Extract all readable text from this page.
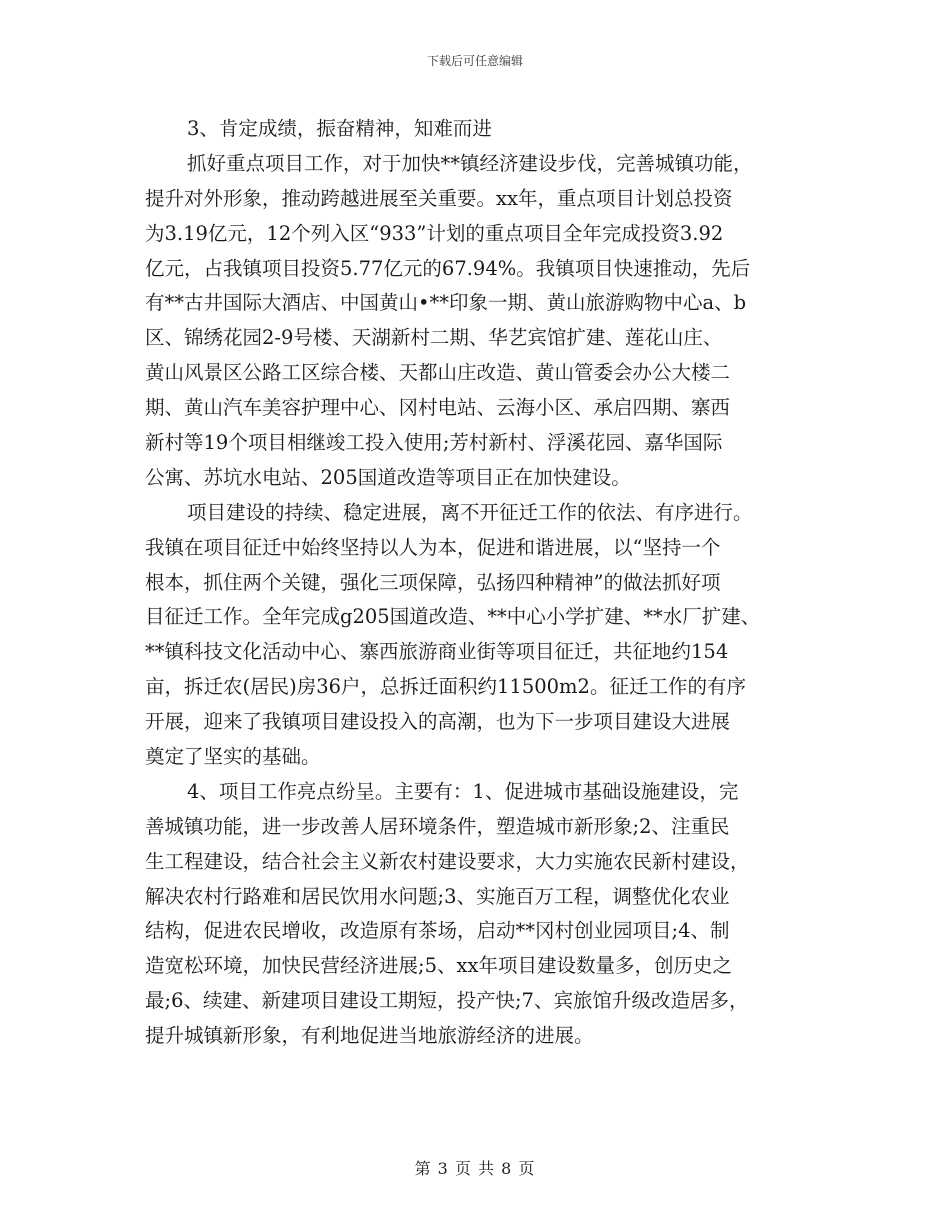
下载后可任意编辑
3、肯定成绩，振奋精神，知难而进
抓好重点项目工作，对于加快**镇经济建设步伐，完善城镇功能，
提升对外形象，推动跨越进展至关重要。xx年，重点项目计划总投资
为3.19亿元，12个列入区“933”计划的重点项目全年完成投资3.92
亿元，占我镇项目投资5.77亿元的67.94%。我镇项目快速推动，先后
有**古井国际大酒店、中国黄山•**印象一期、黄山旅游购物中心a、b
区、锦绣花园2-9号楼、天湖新村二期、华艺宾馆扩建、莲花山庄、
黄山风景区公路工区综合楼、天都山庄改造、黄山管委会办公大楼二
期、黄山汽车美容护理中心、冈村电站、云海小区、承启四期、寨西
新村等19个项目相继竣工投入使用;芳村新村、浮溪花园、嘉华国际
公寓、苏坑水电站、205国道改造等项目正在加快建设。
项目建设的持续、稳定进展，离不开征迁工作的依法、有序进行。
我镇在项目征迁中始终坚持以人为本，促进和谐进展，以“坚持一个
根本，抓住两个关键，强化三项保障，弘扬四种精神”的做法抓好项
目征迁工作。全年完成g205国道改造、**中心小学扩建、**水厂扩建、
**镇科技文化活动中心、寨西旅游商业街等项目征迁，共征地约154
亩，拆迁农(居民)房36户，总拆迁面积约11500m2。征迁工作的有序
开展，迎来了我镇项目建设投入的高潮，也为下一步项目建设大进展
奠定了坚实的基础。
4、项目工作亮点纷呈。主要有：1、促进城市基础设施建设，完
善城镇功能，进一步改善人居环境条件，塑造城市新形象;2、注重民
生工程建设，结合社会主义新农村建设要求，大力实施农民新村建设，
解决农村行路难和居民饮用水问题;3、实施百万工程，调整优化农业
结构，促进农民增收，改造原有茶场，启动**冈村创业园项目;4、制
造宽松环境，加快民营经济进展;5、xx年项目建设数量多，创历史之
最;6、续建、新建项目建设工期短，投产快;7、宾旅馆升级改造居多，
提升城镇新形象，有利地促进当地旅游经济的进展。
第 3 页 共 8 页
